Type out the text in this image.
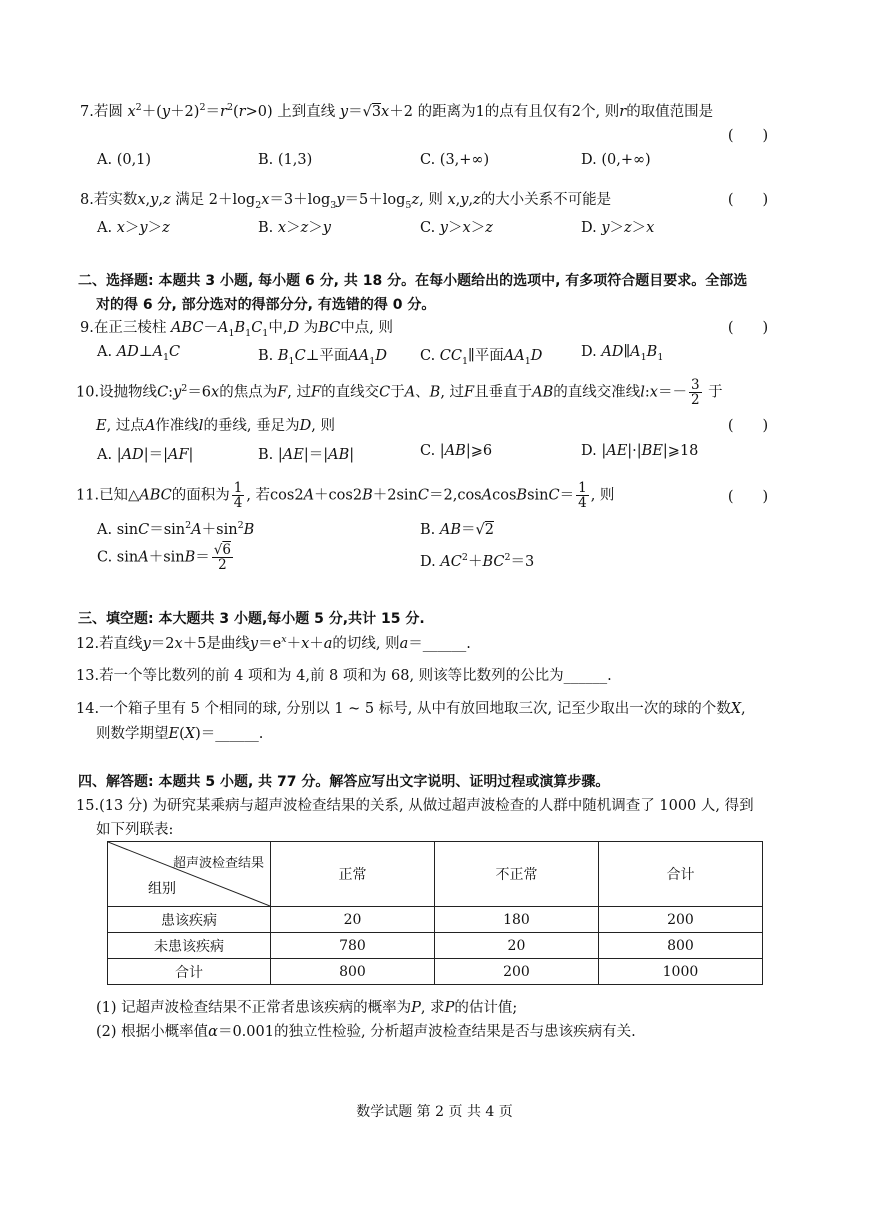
7.若圆 $x^2+(y+2)^2=r^2(r>0)$ 上到直线 y＝√3x＋2 的距离为1的点有且仅有2个, 则r的取值范围是
(　　)
A. (0,1)	B. (1,3)	C. (3,+∞)	D. (0,+∞)
8.若实数x,y,z 满足 $2+\log_2x=3+\log_3y=5+\log_5z$, 则 x,y,z的大小关系不可能是	(　　)
A. x＞y＞z	B. x＞z＞y	C. y＞x＞z	D. y＞z＞x
二、选择题: 本题共 3 小题, 每小题 6 分, 共 18 分。在每小题给出的选项中, 有多项符合题目要求。全部选
对的得 6 分, 部分选对的得部分分, 有选错的得 0 分。
9.在正三棱柱 $ABC-A_1B_1C_1$中,D 为BC中点, 则	(　　)
A. $AD\perp A_1C$	B. $B_1C\perp$平面$AA_1D$ C. $CC_1\parallel$平面$AA_1D$	D. $AD\parallel A_1B_1$
10.设抛物线$C:y^2=6x$的焦点为F, 过F的直线交C于A、B, 过F且垂直于AB的直线交准线l:x＝－ $\frac{3}{2}$ 于
E, 过点A作准线l的垂线, 垂足为D, 则	(　　)
A. |AD|＝|AF|	B. |AE|＝|AB|	C. |AB|⩾6	D. |AE|·|BE|⩾18
11.已知△ABC的面积为 $\frac{1}{4}$ , 若cos2A＋cos2B＋2sinC＝2,cosAcosBsinC＝ $\frac{1}{4}$ , 则	(　　)
A. $\sin C=\sin^2A+\sin^2B$	B. AB＝√2
C. $\sin A+\sin B= \frac{√6}{2}$	D. $AC^2+BC^2=3$
三、填空题: 本大题共 3 小题,每小题 5 分,共计 15 分.
12.若直线y＝2x＋5是曲线$y=e^x+x+a$的切线, 则a＝______.
13.若一个等比数列的前 4 项和为 4,前 8 项和为 68, 则该等比数列的公比为______.
14.一个箱子里有 5 个相同的球, 分别以 1 ~ 5 标号, 从中有放回地取三次, 记至少取出一次的球的个数X,
则数学期望E(X)＝______.
四、解答题: 本题共 5 小题, 共 77 分。解答应写出文字说明、证明过程或演算步骤。
15.(13 分) 为研究某乘病与超声波检查结果的关系, 从做过超声波检查的人群中随机调查了 1000 人, 得到
如下列联表:
超声波检查结果
组别	正常	不正常	合计
患该疾病	20	180	200
未患该疾病	780	20	800
合计	800	200	1000
(1) 记超声波检查结果不正常者患该疾病的概率为P, 求P的估计值;
(2) 根据小概率值α＝0.001的独立性检验, 分析超声波检查结果是否与患该疾病有关.
数学试题 第 2 页 共 4 页
